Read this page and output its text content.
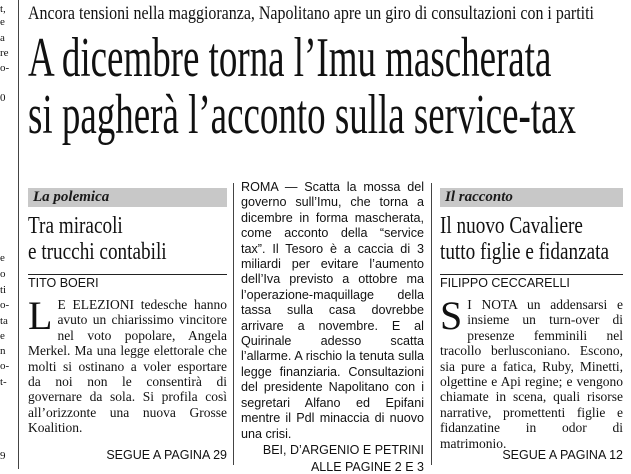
t,
e
a
re
o-
0
e
o
ti
o-
ta
e
n
o-
t-
9
Ancora tensioni nella maggioranza, Napolitano apre un giro di consultazioni con i partiti
A dicembre torna l’Imu mascherata
si pagherà l’acconto sulla service-tax
La polemica
Tra miracoli
e trucchi contabili
TITO BOERI
L E ELEZIONI tedesche hanno avuto un chiarissimo vincitore nel voto popolare, Angela Merkel. Ma una legge elettorale che molti si ostinano a voler esportare da noi non le consentirà di governare da sola. Si profila così all’orizzonte una nuova Grosse Koalition.
SEGUE A PAGINA 29
ROMA — Scatta la mossa del governo sull’Imu, che torna a dicembre in forma mascherata, come acconto della “service tax”. Il Tesoro è a caccia di 3 miliardi per evitare l’aumento dell’Iva previsto a ottobre ma l’operazione-maquillage della tassa sulla casa dovrebbe arrivare a novembre. E al Quirinale adesso scatta l’allarme. A rischio la tenuta sulla legge finanziaria. Consultazioni del presidente Napolitano con i segretari Alfano ed Epifani mentre il Pdl minaccia di nuovo una crisi.
BEI, D’ARGENIO E PETRINI
ALLE PAGINE 2 E 3
Il racconto
Il nuovo Cavaliere
tutto figlie e fidanzata
FILIPPO CECCARELLI
S I NOTA un addensarsi e insieme un turn-over di presenze femminili nel tracollo berlusconiano. Escono, sia pure a fatica, Ruby, Minetti, olgettine e Api regine; e vengono chiamate in scena, quali risorse narrative, promettenti figlie e fidanzatine in odor di matrimonio.
SEGUE A PAGINA 12
